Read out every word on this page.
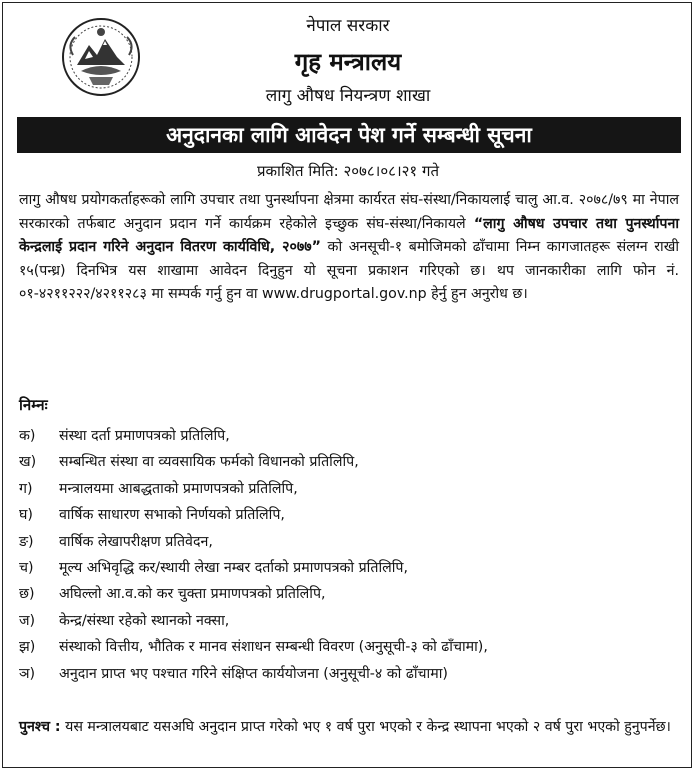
नेपाल सरकार
गृह मन्त्रालय
लागु औषध नियन्त्रण शाखा
अनुदानका लागि आवेदन पेश गर्ने सम्बन्धी सूचना
प्रकाशित मिति: २०७८।०८।२१ गते
लागु औषध प्रयोगकर्ताहरूको लागि उपचार तथा पुनर्स्थापना क्षेत्रमा कार्यरत संघ-संस्था/निकायलाई चालु आ.व. २०७८/७९ मा नेपाल सरकारको तर्फबाट अनुदान प्रदान गर्ने कार्यक्रम रहेकोले इच्छुक संघ-संस्था/निकायले “लागु औषध उपचार तथा पुनर्स्थापना केन्द्रलाई प्रदान गरिने अनुदान वितरण कार्यविधि, २०७७” को अनसूची-१ बमोजिमको ढाँचामा निम्न कागजातहरू संलग्न राखी १५(पन्ध्र) दिनभित्र यस शाखामा आवेदन दिनुहुन यो सूचना प्रकाशन गरिएको छ। थप जानकारीका लागि फोन नं. ०१-४२११२२२/४२११२८३ मा सम्पर्क गर्नु हुन वा www.drugportal.gov.np हेर्नु हुन अनुरोध छ।
निम्नः
क) संस्था दर्ता प्रमाणपत्रको प्रतिलिपि,
ख) सम्बन्धित संस्था वा व्यवसायिक फर्मको विधानको प्रतिलिपि,
ग) मन्त्रालयमा आबद्धताको प्रमाणपत्रको प्रतिलिपि,
घ) वार्षिक साधारण सभाको निर्णयको प्रतिलिपि,
ङ) वार्षिक लेखापरीक्षण प्रतिवेदन,
च) मूल्य अभिवृद्धि कर/स्थायी लेखा नम्बर दर्ताको प्रमाणपत्रको प्रतिलिपि,
छ) अघिल्लो आ.व.को कर चुक्ता प्रमाणपत्रको प्रतिलिपि,
ज) केन्द्र/संस्था रहेको स्थानको नक्सा,
झ) संस्थाको वित्तीय, भौतिक र मानव संशाधन सम्बन्धी विवरण (अनुसूची-३ को ढाँचामा),
ञ) अनुदान प्राप्त भए पश्चात गरिने संक्षिप्त कार्ययोजना (अनुसूची-४ को ढाँचामा)
पुनश्च : यस मन्त्रालयबाट यसअघि अनुदान प्राप्त गरेको भए १ वर्ष पुरा भएको र केन्द्र स्थापना भएको २ वर्ष पुरा भएको हुनुपर्नेछ।
